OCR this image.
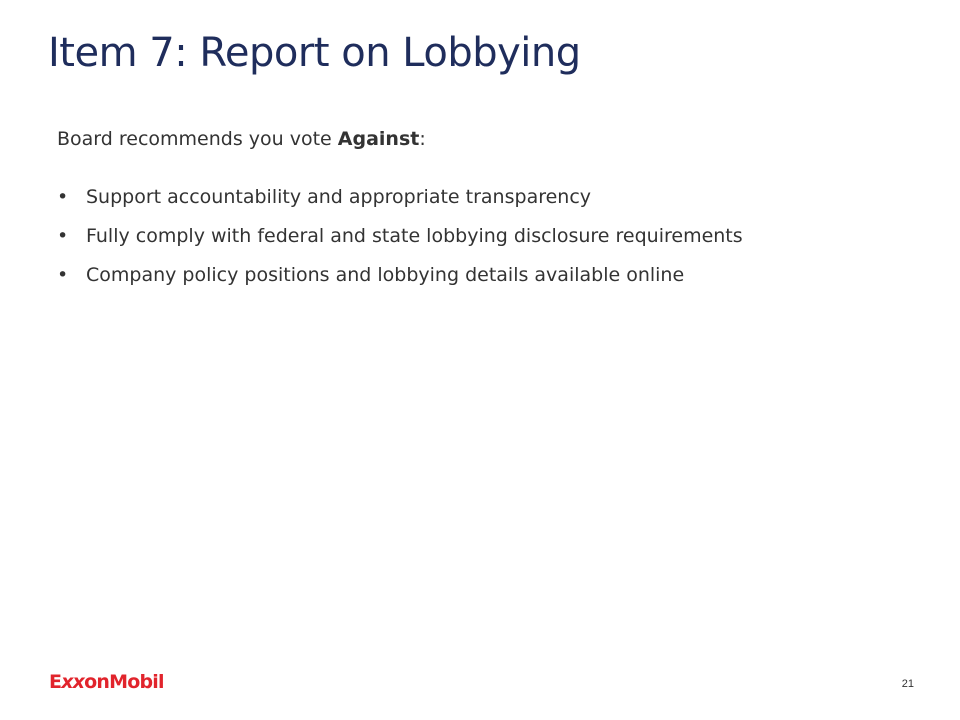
Item 7: Report on Lobbying

Board recommends you vote Against:

• Support accountability and appropriate transparency
• Fully comply with federal and state lobbying disclosure requirements
• Company policy positions and lobbying details available online
ExxonMobil	21
